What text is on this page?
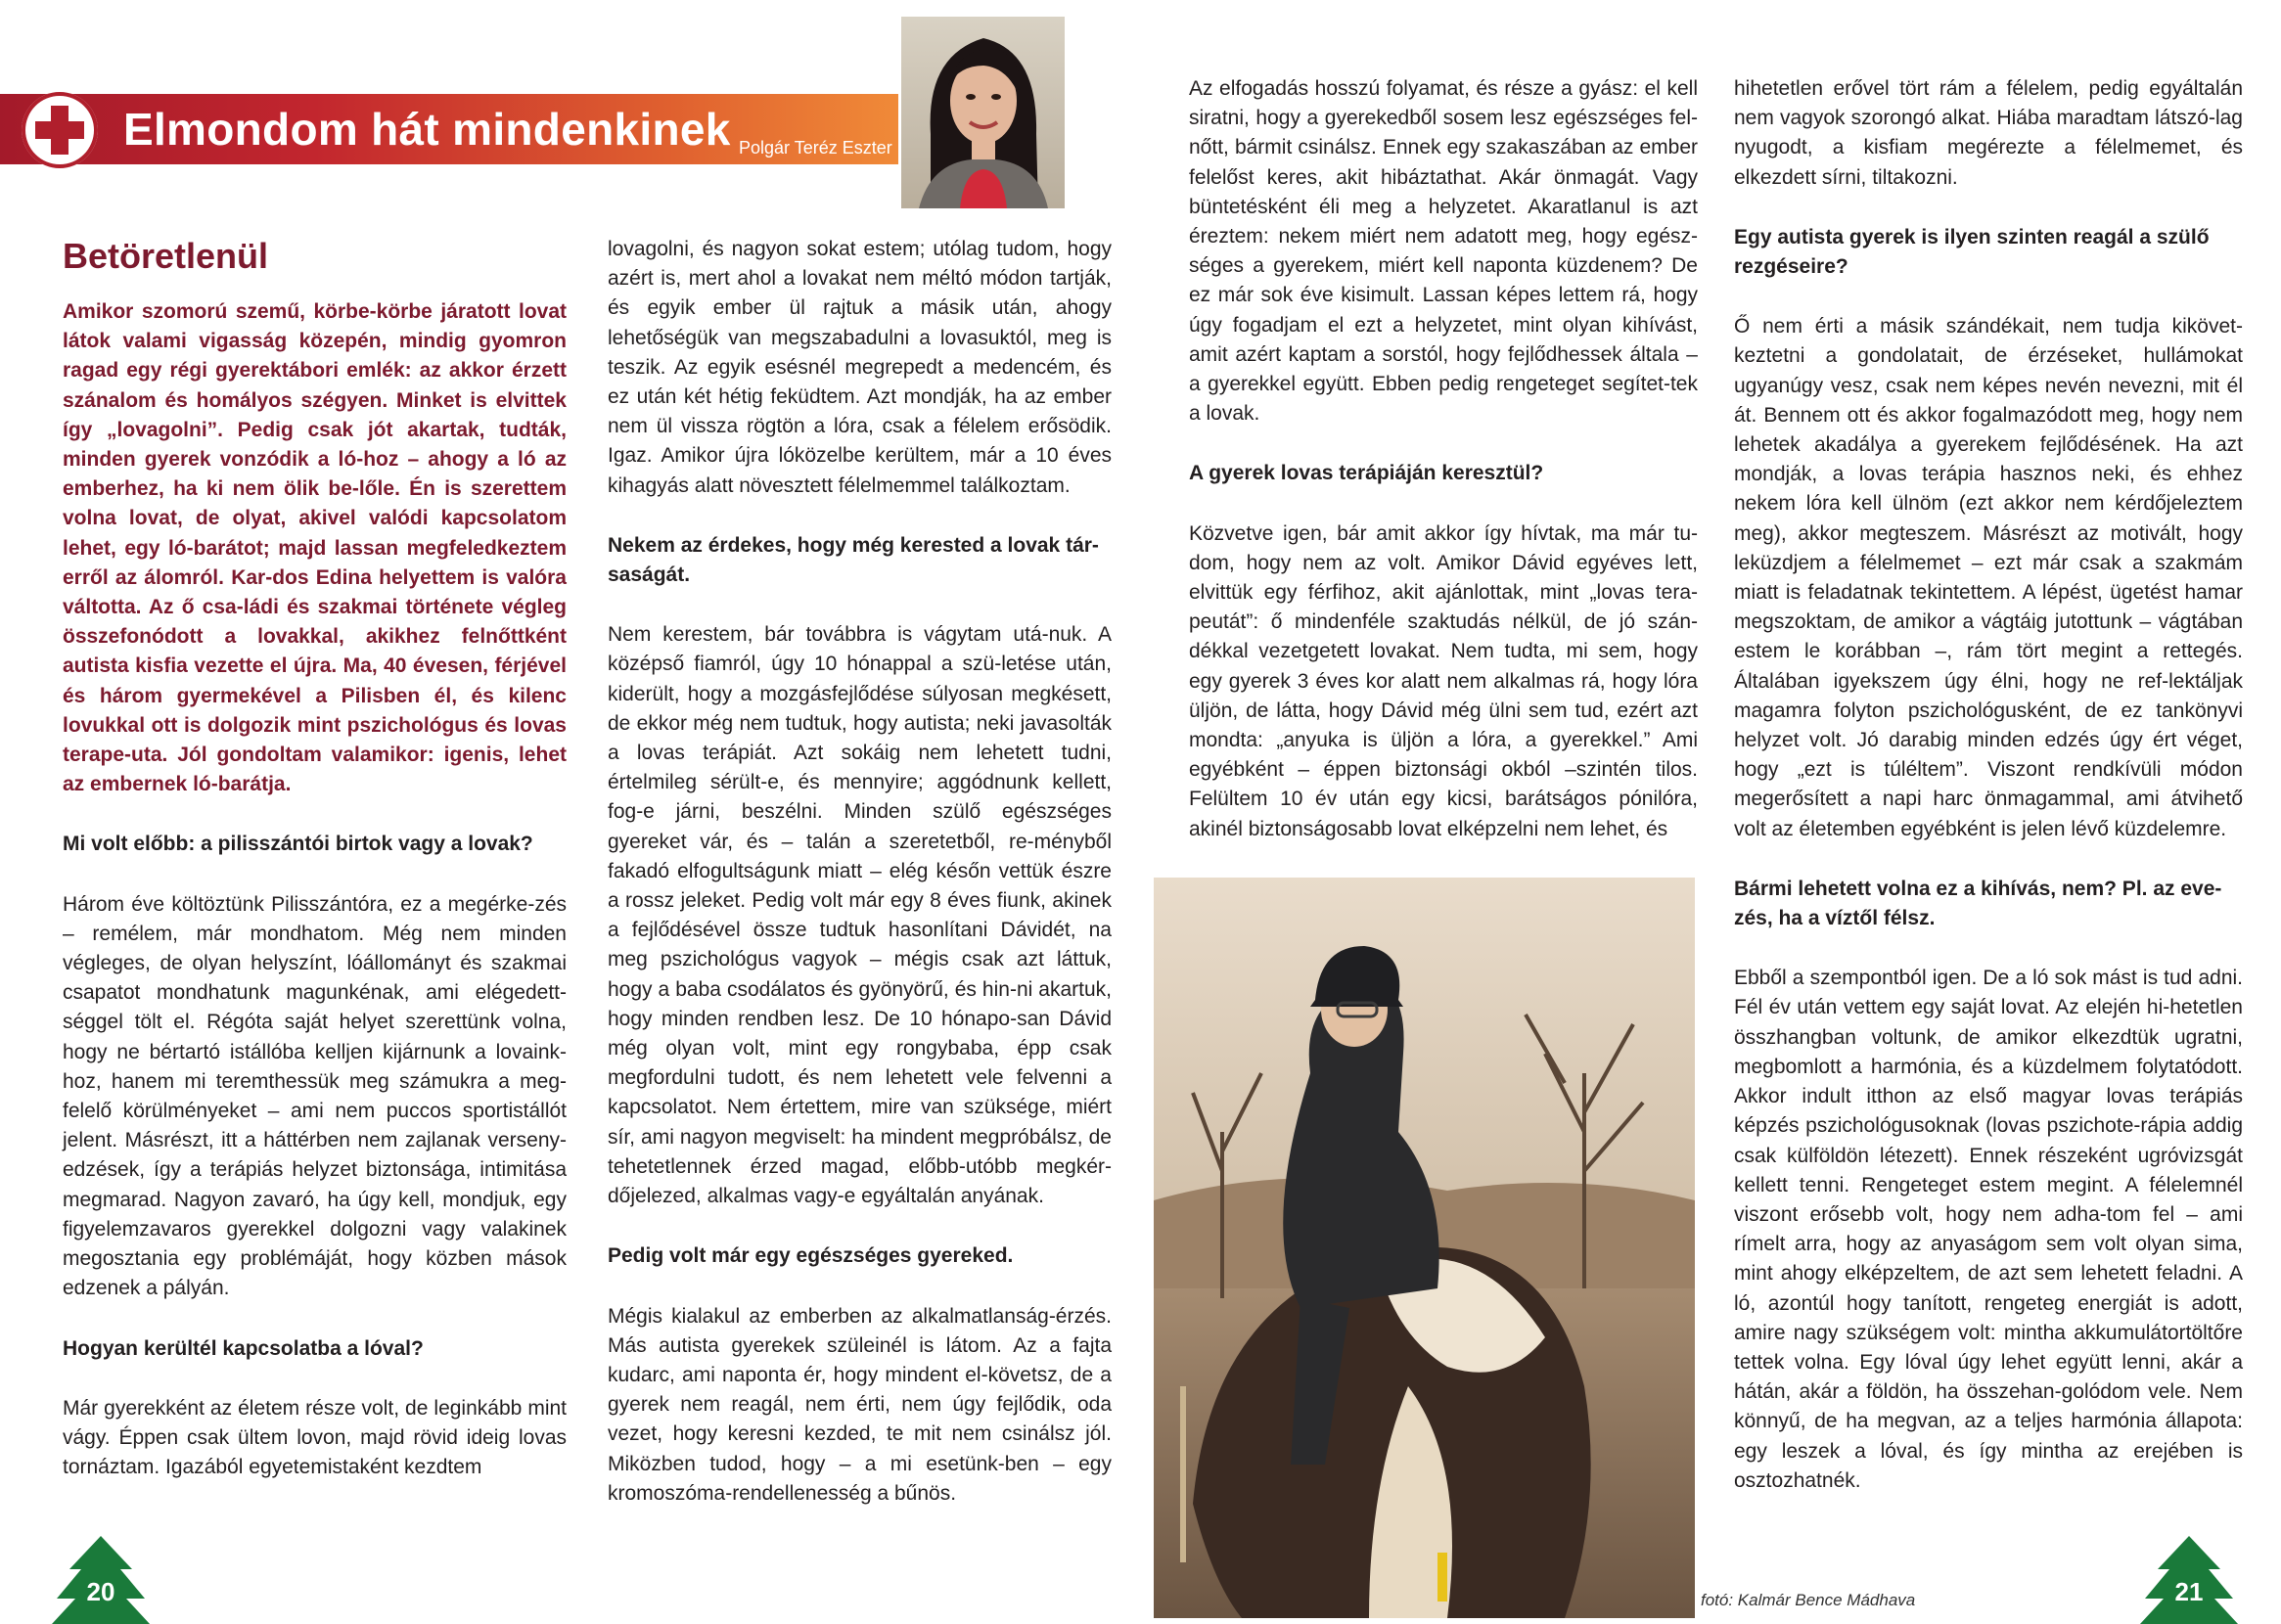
Elmondom hát mindenkinek Polgár Teréz Eszter

Betöretlenül

Amikor szomorú szemű, körbe-körbe járatott lovat látok valami vigasság közepén, mindig gyomron ragad egy régi gyerektábori emlék: az akkor érzett szánalom és homályos szégyen. Minket is elvittek így „lovagolni”. Pedig csak jót akartak, tudták, minden gyerek vonzódik a ló-hoz – ahogy a ló az emberhez, ha ki nem ölik be-lőle. Én is szerettem volna lovat, de olyat, akivel valódi kapcsolatom lehet, egy ló-barátot; majd lassan megfeledkeztem erről az álomról. Kar-dos Edina helyettem is valóra váltotta. Az ő csa-ládi és szakmai története végleg összefonódott a lovakkal, akikhez felnőttként autista kisfia vezette el újra. Ma, 40 évesen, férjével és három gyermekével a Pilisben él, és kilenc lovukkal ott is dolgozik mint pszichológus és lovas terape-uta. Jól gondoltam valamikor: igenis, lehet az embernek ló-barátja.

Mi volt előbb: a pilisszántói birtok vagy a lovak?

Három éve költöztünk Pilisszántóra, ez a megérke-zés – remélem, már mondhatom. Még nem minden végleges, de olyan helyszínt, lóállományt és szakmai csapatot mondhatunk magunkénak, ami elégedett-séggel tölt el. Régóta saját helyet szerettünk volna, hogy ne bértartó istállóba kelljen kijárnunk a lovaink-hoz, hanem mi teremthessük meg számukra a meg-felelő körülményeket – ami nem puccos sportistállót jelent. Másrészt, itt a háttérben nem zajlanak verseny-edzések, így a terápiás helyzet biztonsága, intimitása megmarad. Nagyon zavaró, ha úgy kell, mondjuk, egy figyelemzavaros gyerekkel dolgozni vagy valakinek megosztania egy problémáját, hogy közben mások edzenek a pályán.

Hogyan kerültél kapcsolatba a lóval?

Már gyerekként az életem része volt, de leginkább mint vágy. Éppen csak ültem lovon, majd rövid ideig lovas tornáztam. Igazából egyetemistaként kezdtem

lovagolni, és nagyon sokat estem; utólag tudom, hogy azért is, mert ahol a lovakat nem méltó módon tartják, és egyik ember ül rajtuk a másik után, ahogy lehetőségük van megszabadulni a lovasuktól, meg is teszik. Az egyik esésnél megrepedt a medencém, és ez után két hétig feküdtem. Azt mondják, ha az ember nem ül vissza rögtön a lóra, csak a félelem erősödik. Igaz. Amikor újra lóközelbe kerültem, már a 10 éves kihagyás alatt növesztett félelmemmel találkoztam.

Nekem az érdekes, hogy még kerested a lovak tár-saságát.

Nem kerestem, bár továbbra is vágytam utá-nuk. A középső fiamról, úgy 10 hónappal a szü-letése után, kiderült, hogy a mozgásfejlődése súlyosan megkésett, de ekkor még nem tudtuk, hogy autista; neki javasolták a lovas terápiát. Azt sokáig nem lehetett tudni, értelmileg sérült-e, és mennyire; aggódnunk kellett, fog-e járni, beszélni. Minden szülő egészséges gyereket vár, és – talán a szeretetből, re-ményből fakadó elfogultságunk miatt – elég későn vettük észre a rossz jeleket. Pedig volt már egy 8 éves fiunk, akinek a fejlődésével össze tudtuk hasonlítani Dávidét, na meg pszichológus vagyok – mégis csak azt láttuk, hogy a baba csodálatos és gyönyörű, és hin-ni akartuk, hogy minden rendben lesz. De 10 hónapo-san Dávid még olyan volt, mint egy rongybaba, épp csak megfordulni tudott, és nem lehetett vele felvenni a kapcsolatot. Nem értettem, mire van szüksége, miért sír, ami nagyon megviselt: ha mindent megpróbálsz, de tehetetlennek érzed magad, előbb-utóbb megkér-dőjelezed, alkalmas vagy-e egyáltalán anyának.

Pedig volt már egy egészséges gyereked.

Mégis kialakul az emberben az alkalmatlanság-érzés. Más autista gyerekek szüleinél is látom. Az a fajta kudarc, ami naponta ér, hogy mindent el-követsz, de a gyerek nem reagál, nem érti, nem úgy fejlődik, oda vezet, hogy keresni kezded, te mit nem csinálsz jól. Miközben tudod, hogy – a mi esetünk-ben – egy kromoszóma-rendellenesség a bűnös.

Az elfogadás hosszú folyamat, és része a gyász: el kell siratni, hogy a gyerekedből sosem lesz egészséges fel-nőtt, bármit csinálsz. Ennek egy szakaszában az ember felelőst keres, akit hibáztathat. Akár önmagát. Vagy büntetésként éli meg a helyzetet. Akaratlanul is azt éreztem: nekem miért nem adatott meg, hogy egész-séges a gyerekem, miért kell naponta küzdenem? De ez már sok éve kisimult. Lassan képes lettem rá, hogy úgy fogadjam el ezt a helyzetet, mint olyan kihívást, amit azért kaptam a sorstól, hogy fejlődhessek általa – a gyerekkel együtt. Ebben pedig rengeteget segítet-tek a lovak.

A gyerek lovas terápiáján keresztül?

Közvetve igen, bár amit akkor így hívtak, ma már tu-dom, hogy nem az volt. Amikor Dávid egyéves lett, elvittük egy férfihoz, akit ajánlottak, mint „lovas tera-peutát”: ő mindenféle szaktudás nélkül, de jó szán-dékkal vezetgetett lovakat. Nem tudta, mi sem, hogy egy gyerek 3 éves kor alatt nem alkalmas rá, hogy lóra üljön, de látta, hogy Dávid még ülni sem tud, ezért azt mondta: „anyuka is üljön a lóra, a gyerekkel.” Ami egyébként – éppen biztonsági okból –szintén tilos. Felültem 10 év után egy kicsi, barátságos pónilóra, akinél biztonságosabb lovat elképzelni nem lehet, és

hihetetlen erővel tört rám a félelem, pedig egyáltalán nem vagyok szorongó alkat. Hiába maradtam látszó-lag nyugodt, a kisfiam megérezte a félelmemet, és elkezdett sírni, tiltakozni.

Egy autista gyerek is ilyen szinten reagál a szülő rezgéseire?

Ő nem érti a másik szándékait, nem tudja kikövet-keztetni a gondolatait, de érzéseket, hullámokat ugyanúgy vesz, csak nem képes nevén nevezni, mit él át. Bennem ott és akkor fogalmazódott meg, hogy nem lehetek akadálya a gyerekem fejlődésének. Ha azt mondják, a lovas terápia hasznos neki, és ehhez nekem lóra kell ülnöm (ezt akkor nem kérdőjeleztem meg), akkor megteszem. Másrészt az motivált, hogy leküzdjem a félelmemet – ezt már csak a szakmám miatt is feladatnak tekintettem. A lépést, ügetést hamar megszoktam, de amikor a vágtáig jutottunk – vágtában estem le korábban –, rám tört megint a rettegés. Általában igyekszem úgy élni, hogy ne ref-lektáljak magamra folyton pszichológusként, de ez tankönyvi helyzet volt. Jó darabig minden edzés úgy ért véget, hogy „ezt is túléltem”. Viszont rendkívüli módon megerősített a napi harc önmagammal, ami átvihető volt az életemben egyébként is jelen lévő küzdelemre.

Bármi lehetett volna ez a kihívás, nem? Pl. az eve-zés, ha a víztől félsz.

Ebből a szempontból igen. De a ló sok mást is tud adni. Fél év után vettem egy saját lovat. Az elején hi-hetetlen összhangban voltunk, de amikor elkezdtük ugratni, megbomlott a harmónia, és a küzdelmem folytatódott. Akkor indult itthon az első magyar lovas terápiás képzés pszichológusoknak (lovas pszichote-rápia addig csak külföldön létezett). Ennek részeként ugróvizsgát kellett tenni. Rengeteget estem megint. A félelemnél viszont erősebb volt, hogy nem adha-tom fel – ami rímelt arra, hogy az anyaságom sem volt olyan sima, mint ahogy elképzeltem, de azt sem lehetett feladni. A ló, azontúl hogy tanított, rengeteg energiát is adott, amire nagy szükségem volt: mintha akkumulátortöltőre tettek volna. Egy lóval úgy lehet együtt lenni, akár a hátán, akár a földön, ha összehan-golódom vele. Nem könnyű, de ha megvan, az a teljes harmónia állapota: egy leszek a lóval, és így mintha az erejében is osztozhatnék.

fotó: Kalmár Bence Mádhava
20	21
